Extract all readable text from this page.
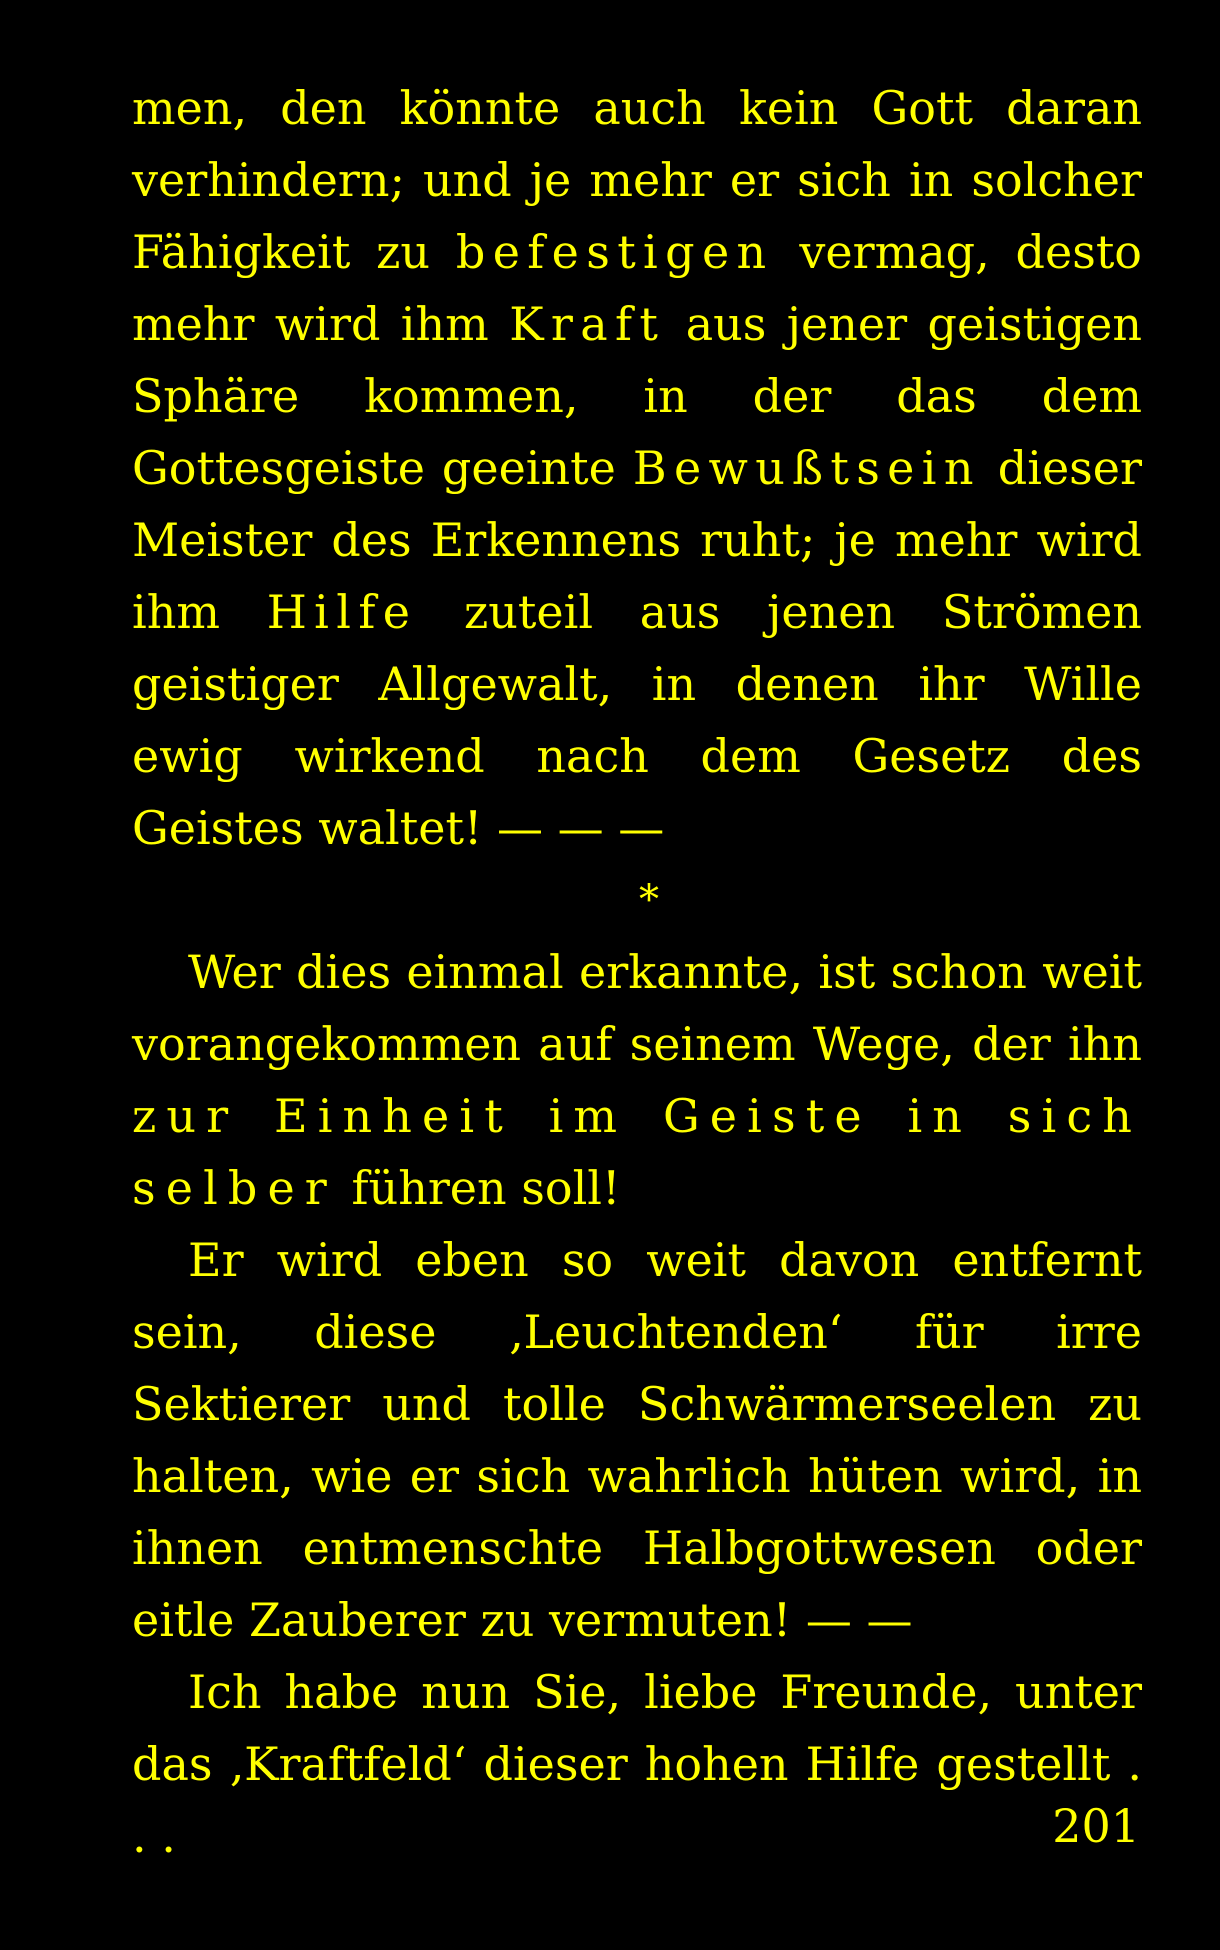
men, den könnte auch kein Gott daran verhindern; und je mehr er sich in solcher Fähigkeit zu befestigen vermag, desto mehr wird ihm Kraft aus jener geistigen Sphäre kommen, in der das dem Gottesgeiste geeinte Bewußtsein dieser Meister des Erkennens ruht; je mehr wird ihm Hilfe zuteil aus jenen Strömen geistiger Allgewalt, in denen ihr Wille ewig wirkend nach dem Gesetz des Geistes waltet! — — —

*

Wer dies einmal erkannte, ist schon weit vorangekommen auf seinem Wege, der ihn zur Einheit im Geiste in sich selber führen soll!

Er wird eben so weit davon entfernt sein, diese ‚Leuchtenden‘ für irre Sektierer und tolle Schwärmerseelen zu halten, wie er sich wahrlich hüten wird, in ihnen entmenschte Halbgottwesen oder eitle Zauberer zu vermuten! — —

Ich habe nun Sie, liebe Freunde, unter das ‚Kraftfeld‘ dieser hohen Hilfe gestellt . . .	201
